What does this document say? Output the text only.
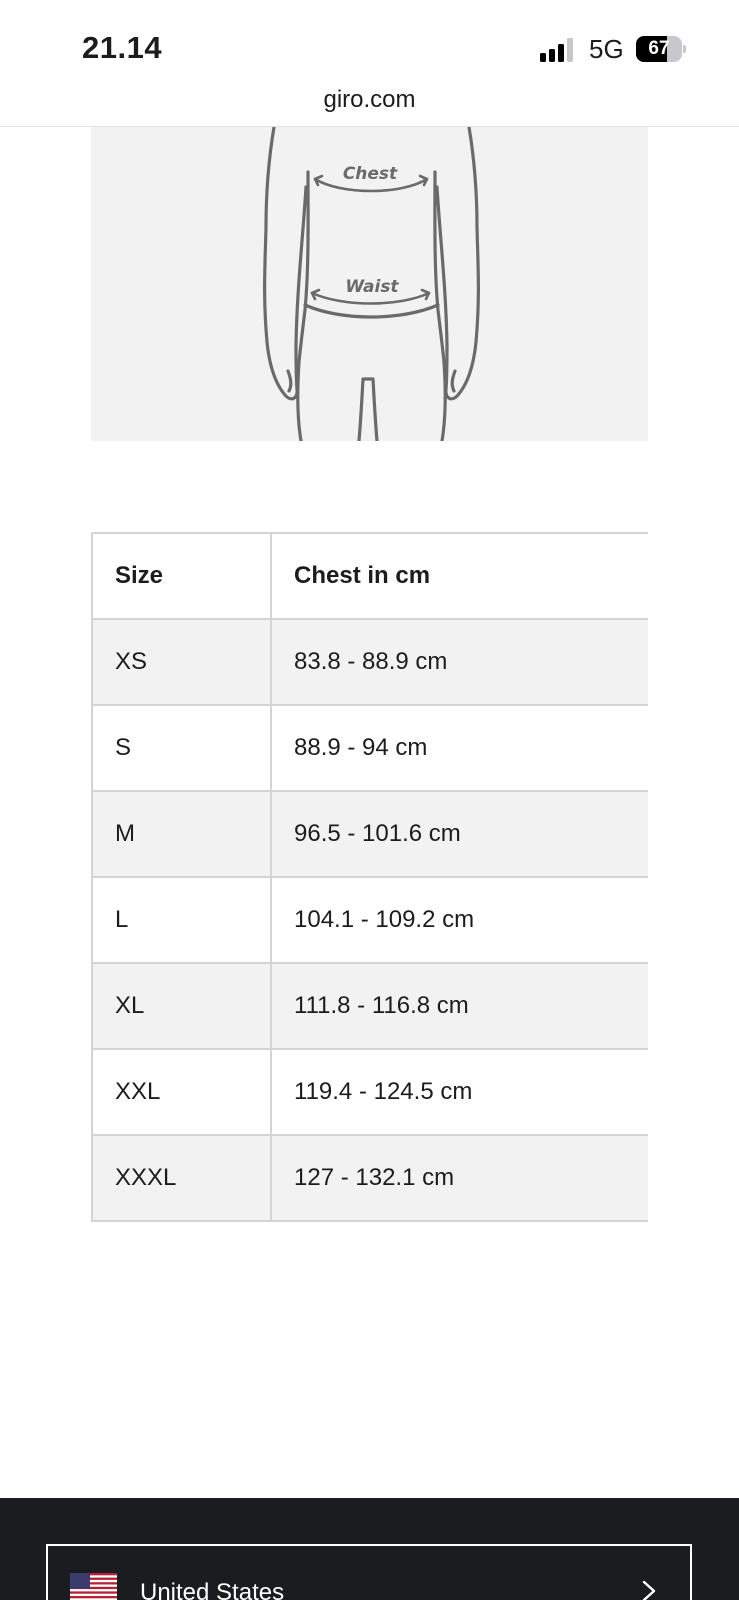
21.14	5G	67
giro.com
Chest
Waist
Size	Chest in cm
XS	83.8 - 88.9 cm
S	88.9 - 94 cm
M	96.5 - 101.6 cm
L	104.1 - 109.2 cm
XL	111.8 - 116.8 cm
XXL	119.4 - 124.5 cm
XXXL	127 - 132.1 cm
United States
